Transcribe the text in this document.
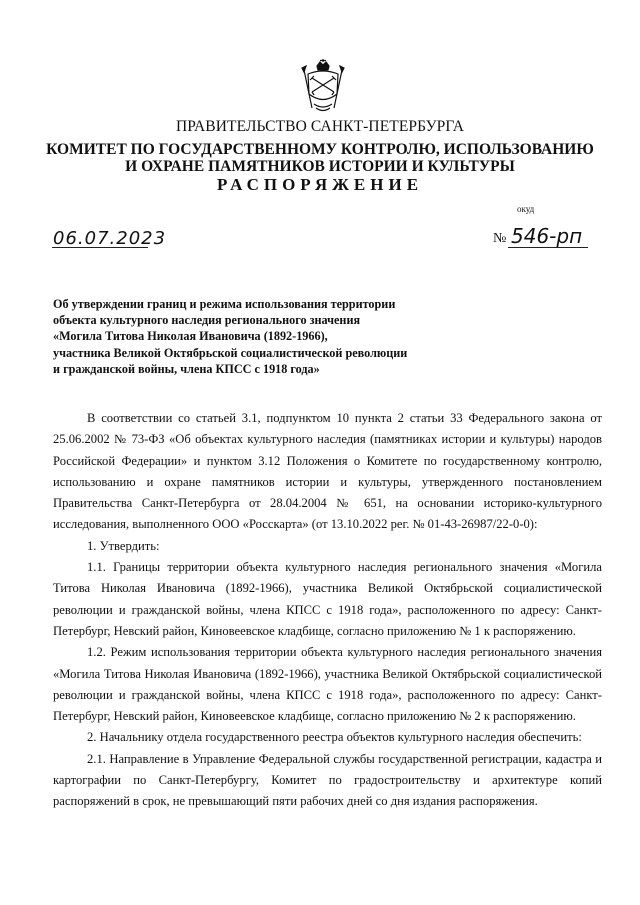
ПРАВИТЕЛЬСТВО САНКТ-ПЕТЕРБУРГА
КОМИТЕТ ПО ГОСУДАРСТВЕННОМУ КОНТРОЛЮ, ИСПОЛЬЗОВАНИЮ
И ОХРАНЕ ПАМЯТНИКОВ ИСТОРИИ И КУЛЬТУРЫ
РАСПОРЯЖЕНИЕ
окуд
06.07.2023	№ 546-рп
Об утверждении границ и режима использования территории
объекта культурного наследия регионального значения
«Могила Титова Николая Ивановича (1892-1966),
участника Великой Октябрьской социалистической революции
и гражданской войны, члена КПСС с 1918 года»

В соответствии со статьей 3.1, подпунктом 10 пункта 2 статьи 33 Федерального закона от 25.06.2002 № 73-ФЗ «Об объектах культурного наследия (памятниках истории и культуры) народов Российской Федерации» и пунктом 3.12 Положения о Комитете по государственному контролю, использованию и охране памятников истории и культуры, утвержденного постановлением Правительства Санкт-Петербурга от 28.04.2004 № 651, на основании историко-культурного исследования, выполненного ООО «Росскарта» (от 13.10.2022 рег. № 01-43-26987/22-0-0):

1. Утвердить:

1.1. Границы территории объекта культурного наследия регионального значения «Могила Титова Николая Ивановича (1892-1966), участника Великой Октябрьской социалистической революции и гражданской войны, члена КПСС с 1918 года», расположенного по адресу: Санкт-Петербург, Невский район, Киновеевское кладбище, согласно приложению № 1 к распоряжению.

1.2. Режим использования территории объекта культурного наследия регионального значения «Могила Титова Николая Ивановича (1892-1966), участника Великой Октябрьской социалистической революции и гражданской войны, члена КПСС с 1918 года», расположенного по адресу: Санкт-Петербург, Невский район, Киновеевское кладбище, согласно приложению № 2 к распоряжению.

2. Начальнику отдела государственного реестра объектов культурного наследия обеспечить:

2.1. Направление в Управление Федеральной службы государственной регистрации, кадастра и картографии по Санкт-Петербургу, Комитет по градостроительству и архитектуре копий распоряжений в срок, не превышающий пяти рабочих дней со дня издания распоряжения.
